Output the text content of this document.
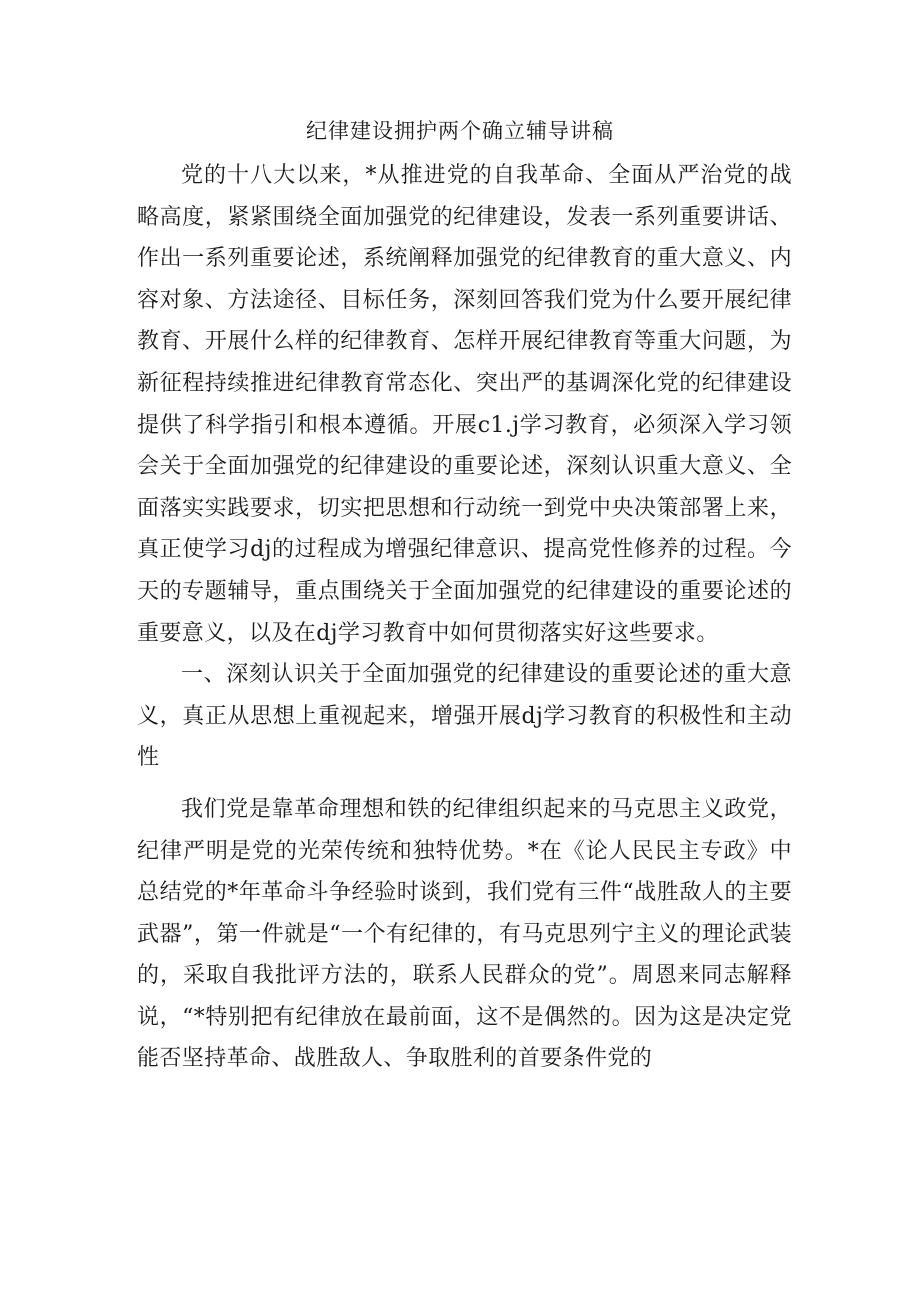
纪律建设拥护两个确立辅导讲稿

党的十八大以来，*从推进党的自我革命、全面从严治党的战略高度，紧紧围绕全面加强党的纪律建设，发表一系列重要讲话、作出一系列重要论述，系统阐释加强党的纪律教育的重大意义、内容对象、方法途径、目标任务，深刻回答我们党为什么要开展纪律教育、开展什么样的纪律教育、怎样开展纪律教育等重大问题，为新征程持续推进纪律教育常态化、突出严的基调深化党的纪律建设提供了科学指引和根本遵循。开展c1.j学习教育，必须深入学习领会关于全面加强党的纪律建设的重要论述，深刻认识重大意义、全面落实实践要求，切实把思想和行动统一到党中央决策部署上来，真正使学习dj的过程成为增强纪律意识、提高党性修养的过程。今天的专题辅导，重点围绕关于全面加强党的纪律建设的重要论述的重要意义，以及在dj学习教育中如何贯彻落实好这些要求。

一、深刻认识关于全面加强党的纪律建设的重要论述的重大意义，真正从思想上重视起来，增强开展dj学习教育的积极性和主动性

我们党是靠革命理想和铁的纪律组织起来的马克思主义政党，纪律严明是党的光荣传统和独特优势。*在《论人民民主专政》中总结党的*年革命斗争经验时谈到，我们党有三件“战胜敌人的主要武器”，第一件就是“一个有纪律的，有马克思列宁主义的理论武装的，采取自我批评方法的，联系人民群众的党”。周恩来同志解释说，“*特别把有纪律放在最前面，这不是偶然的。因为这是决定党能否坚持革命、战胜敌人、争取胜利的首要条件党的
